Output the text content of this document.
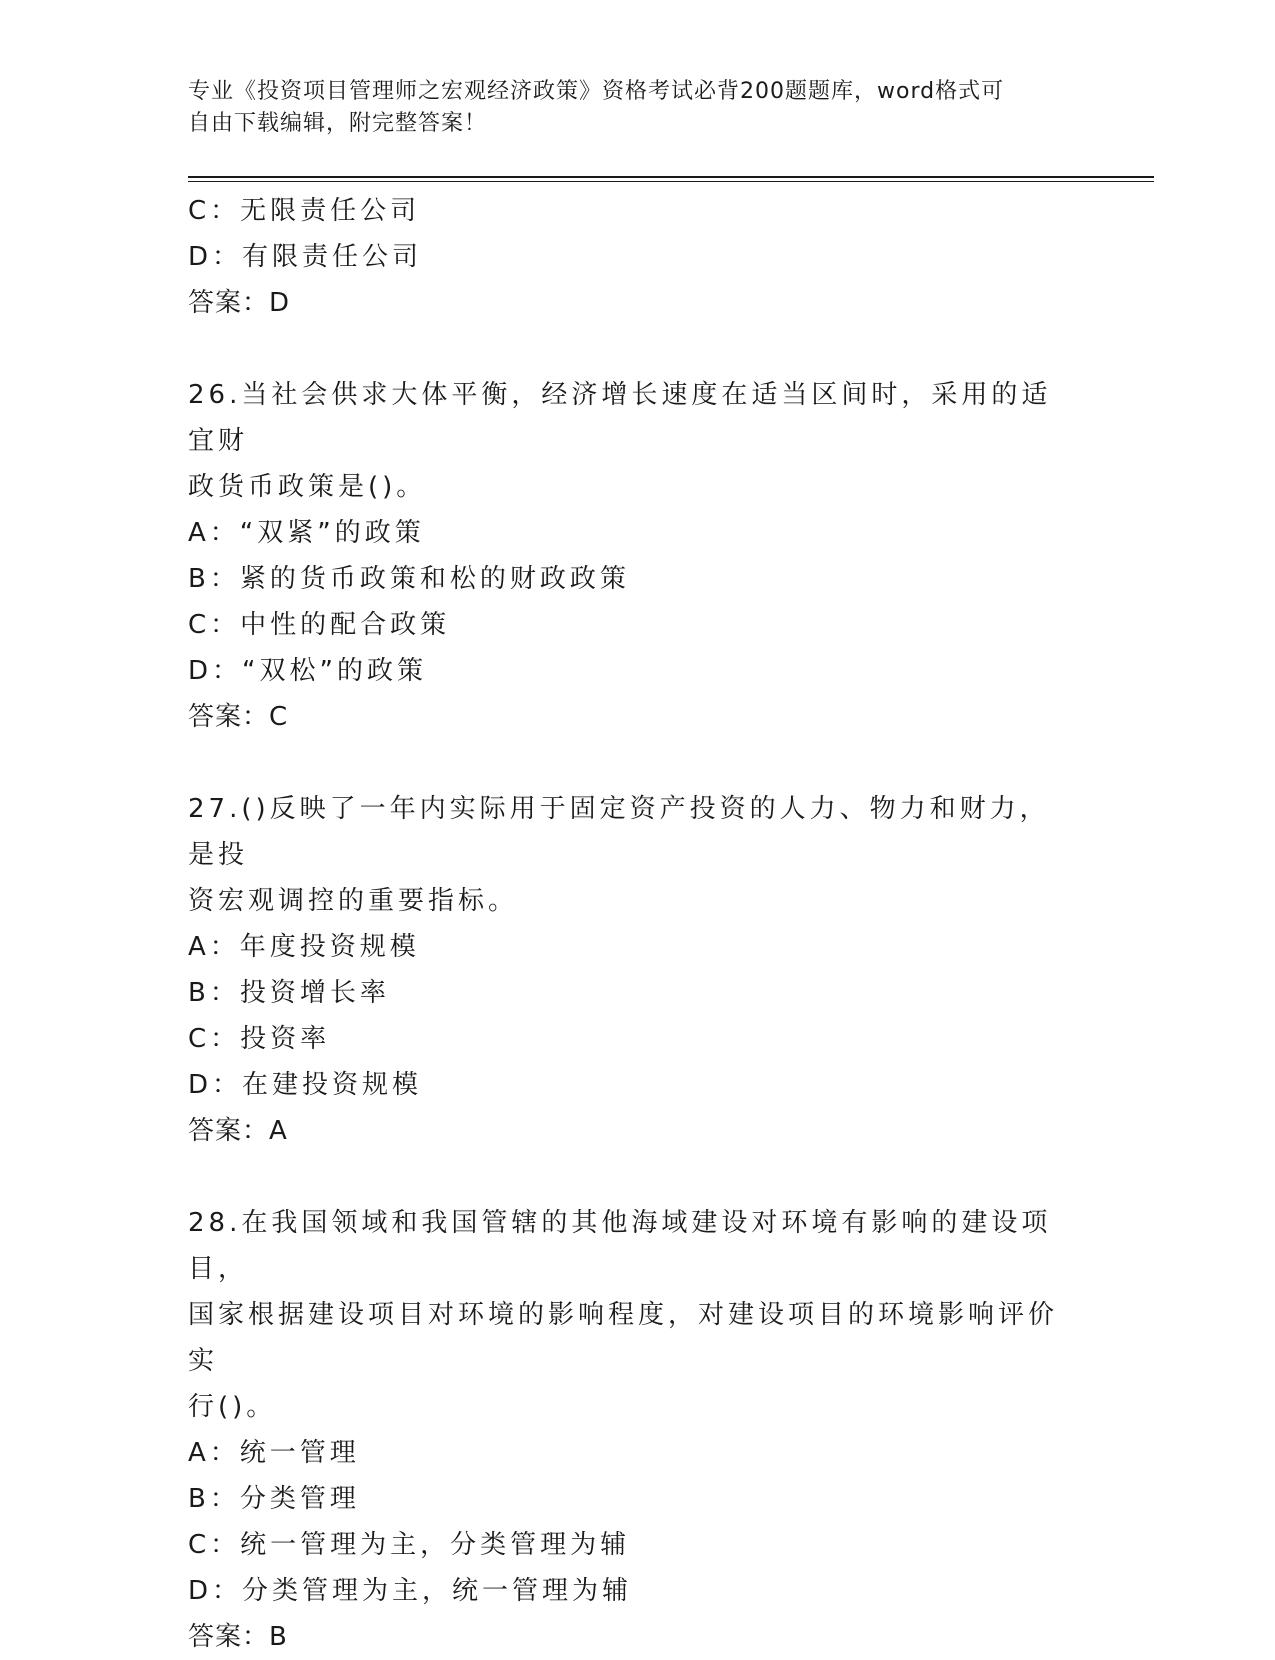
专业《投资项目管理师之宏观经济政策》资格考试必背200题题库，word格式可
自由下载编辑，附完整答案！
C：无限责任公司
D：有限责任公司
答案：D
26.当社会供求大体平衡，经济增长速度在适当区间时，采用的适宜财
政货币政策是()。
A：“双紧”的政策
B：紧的货币政策和松的财政政策
C：中性的配合政策
D：“双松”的政策
答案：C
27.()反映了一年内实际用于固定资产投资的人力、物力和财力，是投
资宏观调控的重要指标。
A：年度投资规模
B：投资增长率
C：投资率
D：在建投资规模
答案：A
28.在我国领域和我国管辖的其他海域建设对环境有影响的建设项目，
国家根据建设项目对环境的影响程度，对建设项目的环境影响评价实
行()。
A：统一管理
B：分类管理
C：统一管理为主，分类管理为辅
D：分类管理为主，统一管理为辅
答案：B
